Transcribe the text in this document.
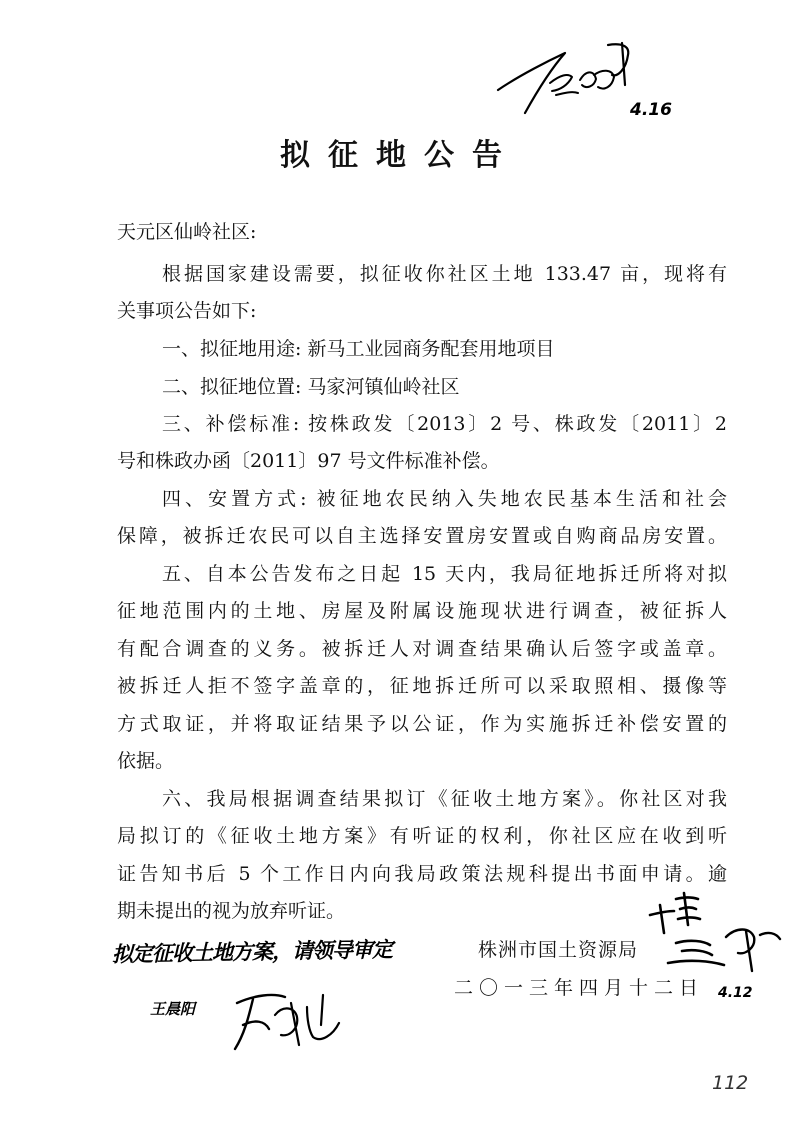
4.16
拟征地公告
天元区仙岭社区:
根据国家建设需要，拟征收你社区土地 133.47 亩，现将有
关事项公告如下:
一、拟征地用途: 新马工业园商务配套用地项目
二、拟征地位置: 马家河镇仙岭社区
三、补偿标准: 按株政发〔2013〕2 号、株政发〔2011〕2
号和株政办函〔2011〕97 号文件标准补偿。
四、安置方式: 被征地农民纳入失地农民基本生活和社会
保障，被拆迁农民可以自主选择安置房安置或自购商品房安置。
五、自本公告发布之日起 15 天内，我局征地拆迁所将对拟
征地范围内的土地、房屋及附属设施现状进行调查，被征拆人
有配合调查的义务。被拆迁人对调查结果确认后签字或盖章。
被拆迁人拒不签字盖章的，征地拆迁所可以采取照相、摄像等
方式取证，并将取证结果予以公证，作为实施拆迁补偿安置的
依据。
六、我局根据调查结果拟订《征收土地方案》。你社区对我
局拟订的《征收土地方案》有听证的权利，你社区应在收到听
证告知书后 5 个工作日内向我局政策法规科提出书面申请。逾
期未提出的视为放弃听证。
株洲市国土资源局
二〇一三年四月十二日
拟定征收土地方案，请领导审定
王晨阳
4.12
112
